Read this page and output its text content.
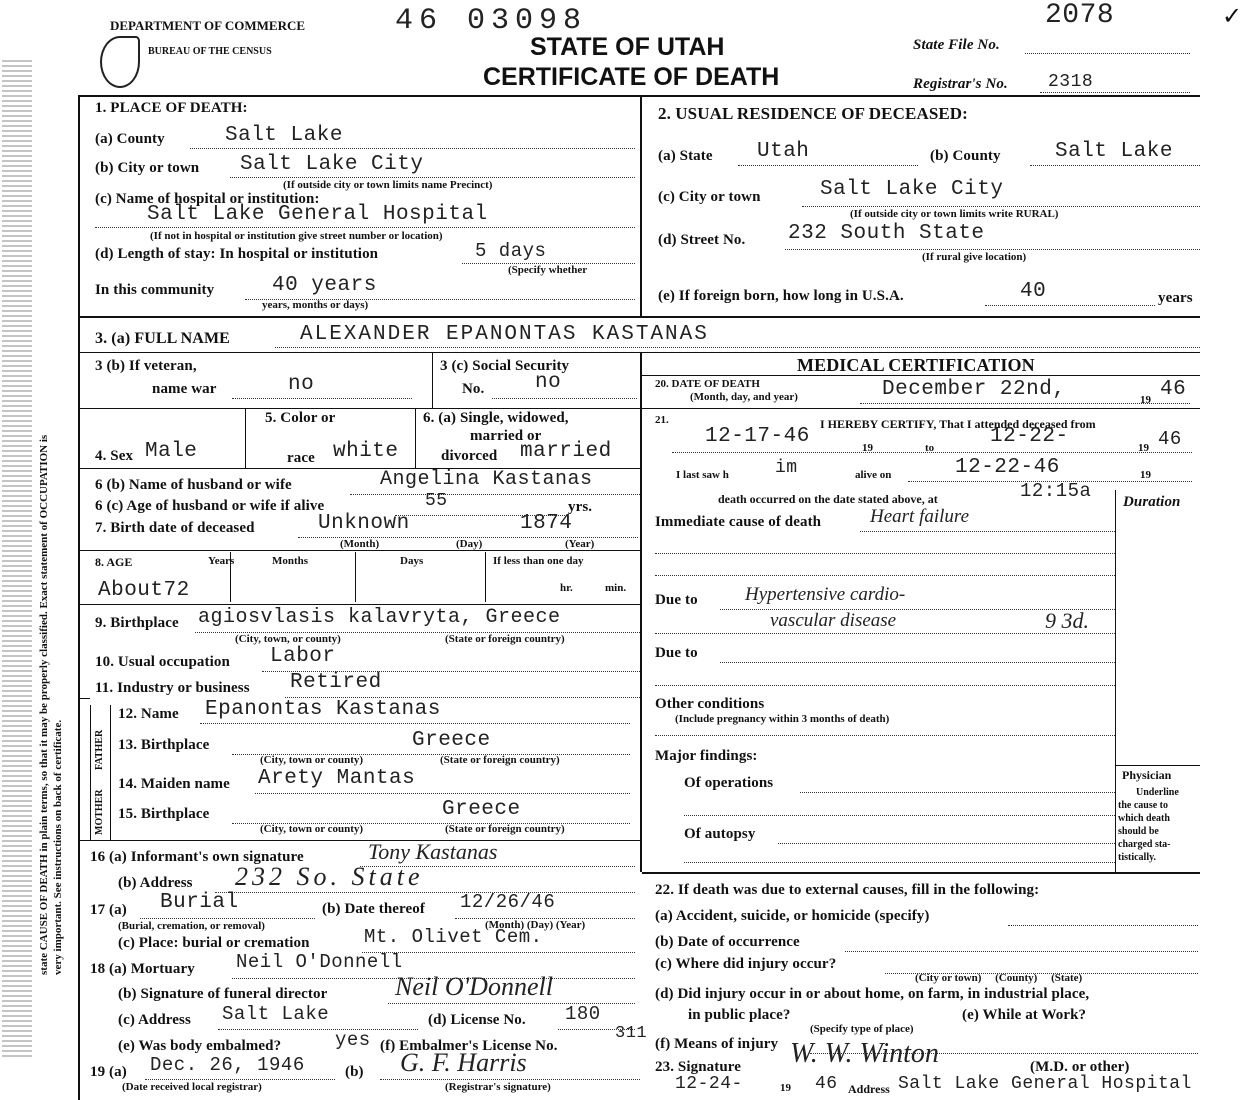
state CAUSE OF DEATH in plain terms, so that it may be properly classified. Exact statement of OCCUPATION is very important. See instructions on back of certificate.
DEPARTMENT OF COMMERCE
BUREAU OF THE CENSUS
46 03098	2078	✓
STATE OF UTAH
CERTIFICATE OF DEATH
State File No.
Registrar's No. 2318
1. PLACE OF DEATH:
(a) County	Salt Lake
(b) City or town Salt Lake City
(If outside city or town limits name Precinct)
(c) Name of hospital or institution:
Salt Lake General Hospital
(If not in hospital or institution give street number or location)
(d) Length of stay: In hospital or institution	5 days
(Specify whether
In this community	40 years
years, months or days)
2. USUAL RESIDENCE OF DECEASED:
(a) State Utah	(b) County	Salt Lake
(c) City or town	Salt Lake City
(If outside city or town limits write RURAL)
(d) Street No. 232 South State
(If rural give location)
(e) If foreign born, how long in U.S.A.	40	years
3. (a) FULL NAME	ALEXANDER EPANONTAS KASTANAS
3 (b) If veteran,
name war	no
3 (c) Social Security
No. no
4. Sex Male
5. Color or
race white
6. (a) Single, widowed,
married or
divorced married
6 (b) Name of husband or wife	Angelina Kastanas
6 (c) Age of husband or wife if alive	55	yrs.
7. Birth date of deceased	Unknown	1874
(Month)	(Day)	(Year)
8. AGE	Years	Months	Days	If less than one day
About72	hr.	min.
9. Birthplace agiosvlasis kalavryta, Greece
(City, town, or county)	(State or foreign country)
10. Usual occupation Labor
11. Industry or business Retired
MOTHER
FATHER
12. Name Epanontas Kastanas
13. Birthplace	Greece
(City, town or county)	(State or foreign country)
14. Maiden name Arety Mantas
15. Birthplace	Greece
(City, town or county)	(State or foreign country)
16 (a) Informant's own signature	Tony Kastanas
(b) Address 232 So. State
17 (a) Burial
(Burial, cremation, or removal)
(b) Date thereof 12/26/46
(Month) (Day) (Year)
(c) Place: burial or cremation	Mt. Olivet Cem.
18 (a) Mortuary Neil O'Donnell
(b) Signature of funeral director	Neil O'Donnell
(c) Address Salt Lake	(d) License No. 180
(e) Was body embalmed?	yes (f) Embalmer's License No.
311
19 (a) Dec. 26, 1946
(Date received local registrar)
(b) G. F. Harris
(Registrar's signature)
MEDICAL CERTIFICATION
20. DATE OF DEATH
(Month, day, and year)	December 22nd,	19 46
21.	I HEREBY CERTIFY, That I attended deceased from
12-17-46	19	to	12-22-	19 46
I last saw h	im	alive on	12-22-46	19
death occurred on the date stated above, at	12:15a Duration
Immediate cause of death	Heart failure
Due to Hypertensive cardio-
vascular disease	9 3d.
Due to
Other conditions
(Include pregnancy within 3 months of death)
Major findings:
Of operations
Of autopsy
Physician
Underline
the cause to
which death
should be
charged sta-
tistically.
22. If death was due to external causes, fill in the following:
(a) Accident, suicide, or homicide (specify)
(b) Date of occurrence
(c) Where did injury occur?
(City or town)     (County)     (State)
(d) Did injury occur in or about home, on farm, in industrial place,
in public place?	(e) While at Work?
(Specify type of place)
(f) Means of injury
23. Signature W. W. Winton	(M.D. or other)
12-24-	19 46 Address Salt Lake General Hospital
